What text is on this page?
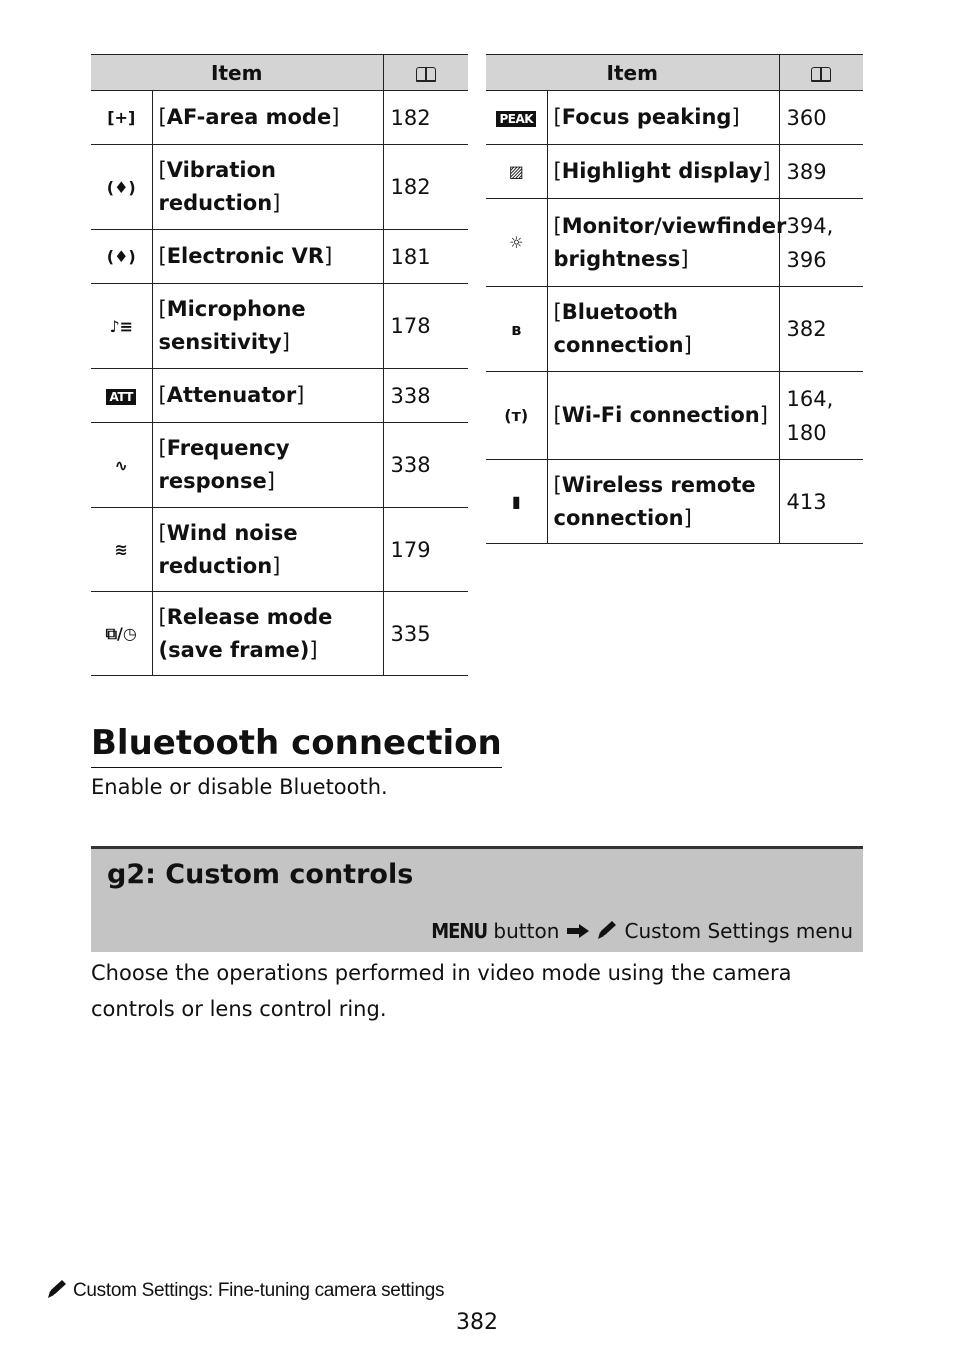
Item		
[+]	[AF-area mode]	182
(♦)	[Vibration reduction]	182
(♦)	[Electronic VR]	181
♪≡	[Microphone sensitivity]	178
ATT	[Attenuator]	338
∿	[Frequency response]	338
≋	[Wind noise reduction]	179
⧉/◷	[Release mode (save frame)]	335
Item		
PEAK	[Focus peaking]	360
▨	[Highlight display]	389
☼	[Monitor/viewfinder brightness]	394, 396
ʙ	[Bluetooth connection]	382
(ᴛ)	[Wi-Fi connection]	164, 180
▮	[Wireless remote connection]	413
Bluetooth connection

Enable or disable Bluetooth.

g2: Custom controls
MENU button	Custom Settings menu

Choose the operations performed in video mode using the camera controls or lens control ring.

Custom Settings: Fine-tuning camera settings
382
